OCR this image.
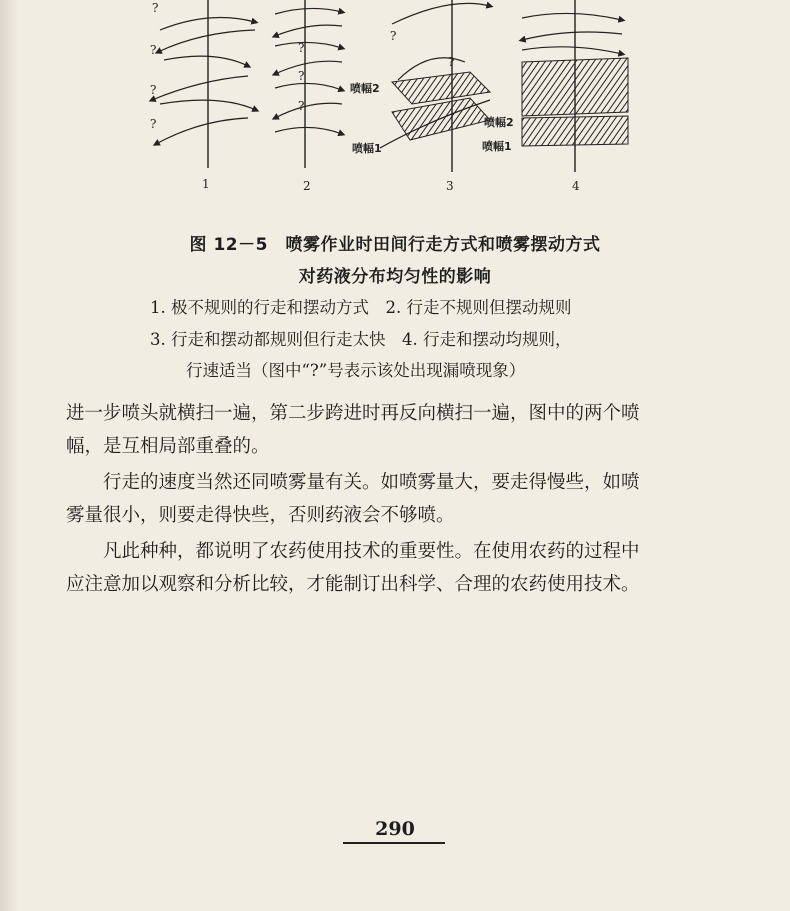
?
?
?
?
?
?
?
?
?
喷幅2
喷幅1
喷幅2
喷幅1
1	2	3	4
图 12－5　喷雾作业时田间行走方式和喷雾摆动方式
对药液分布均匀性的影响
1. 极不规则的行走和摆动方式　2. 行走不规则但摆动规则
3. 行走和摆动都规则但行走太快　4. 行走和摆动均规则，
行速适当（图中“?”号表示该处出现漏喷现象）

进一步喷头就横扫一遍，第二步跨进时再反向横扫一遍，图中的两个喷

幅，是互相局部重叠的。

　　行走的速度当然还同喷雾量有关。如喷雾量大，要走得慢些，如喷

雾量很小，则要走得快些，否则药液会不够喷。

　　凡此种种，都说明了农药使用技术的重要性。在使用农药的过程中

应注意加以观察和分析比较，才能制订出科学、合理的农药使用技术。

290
